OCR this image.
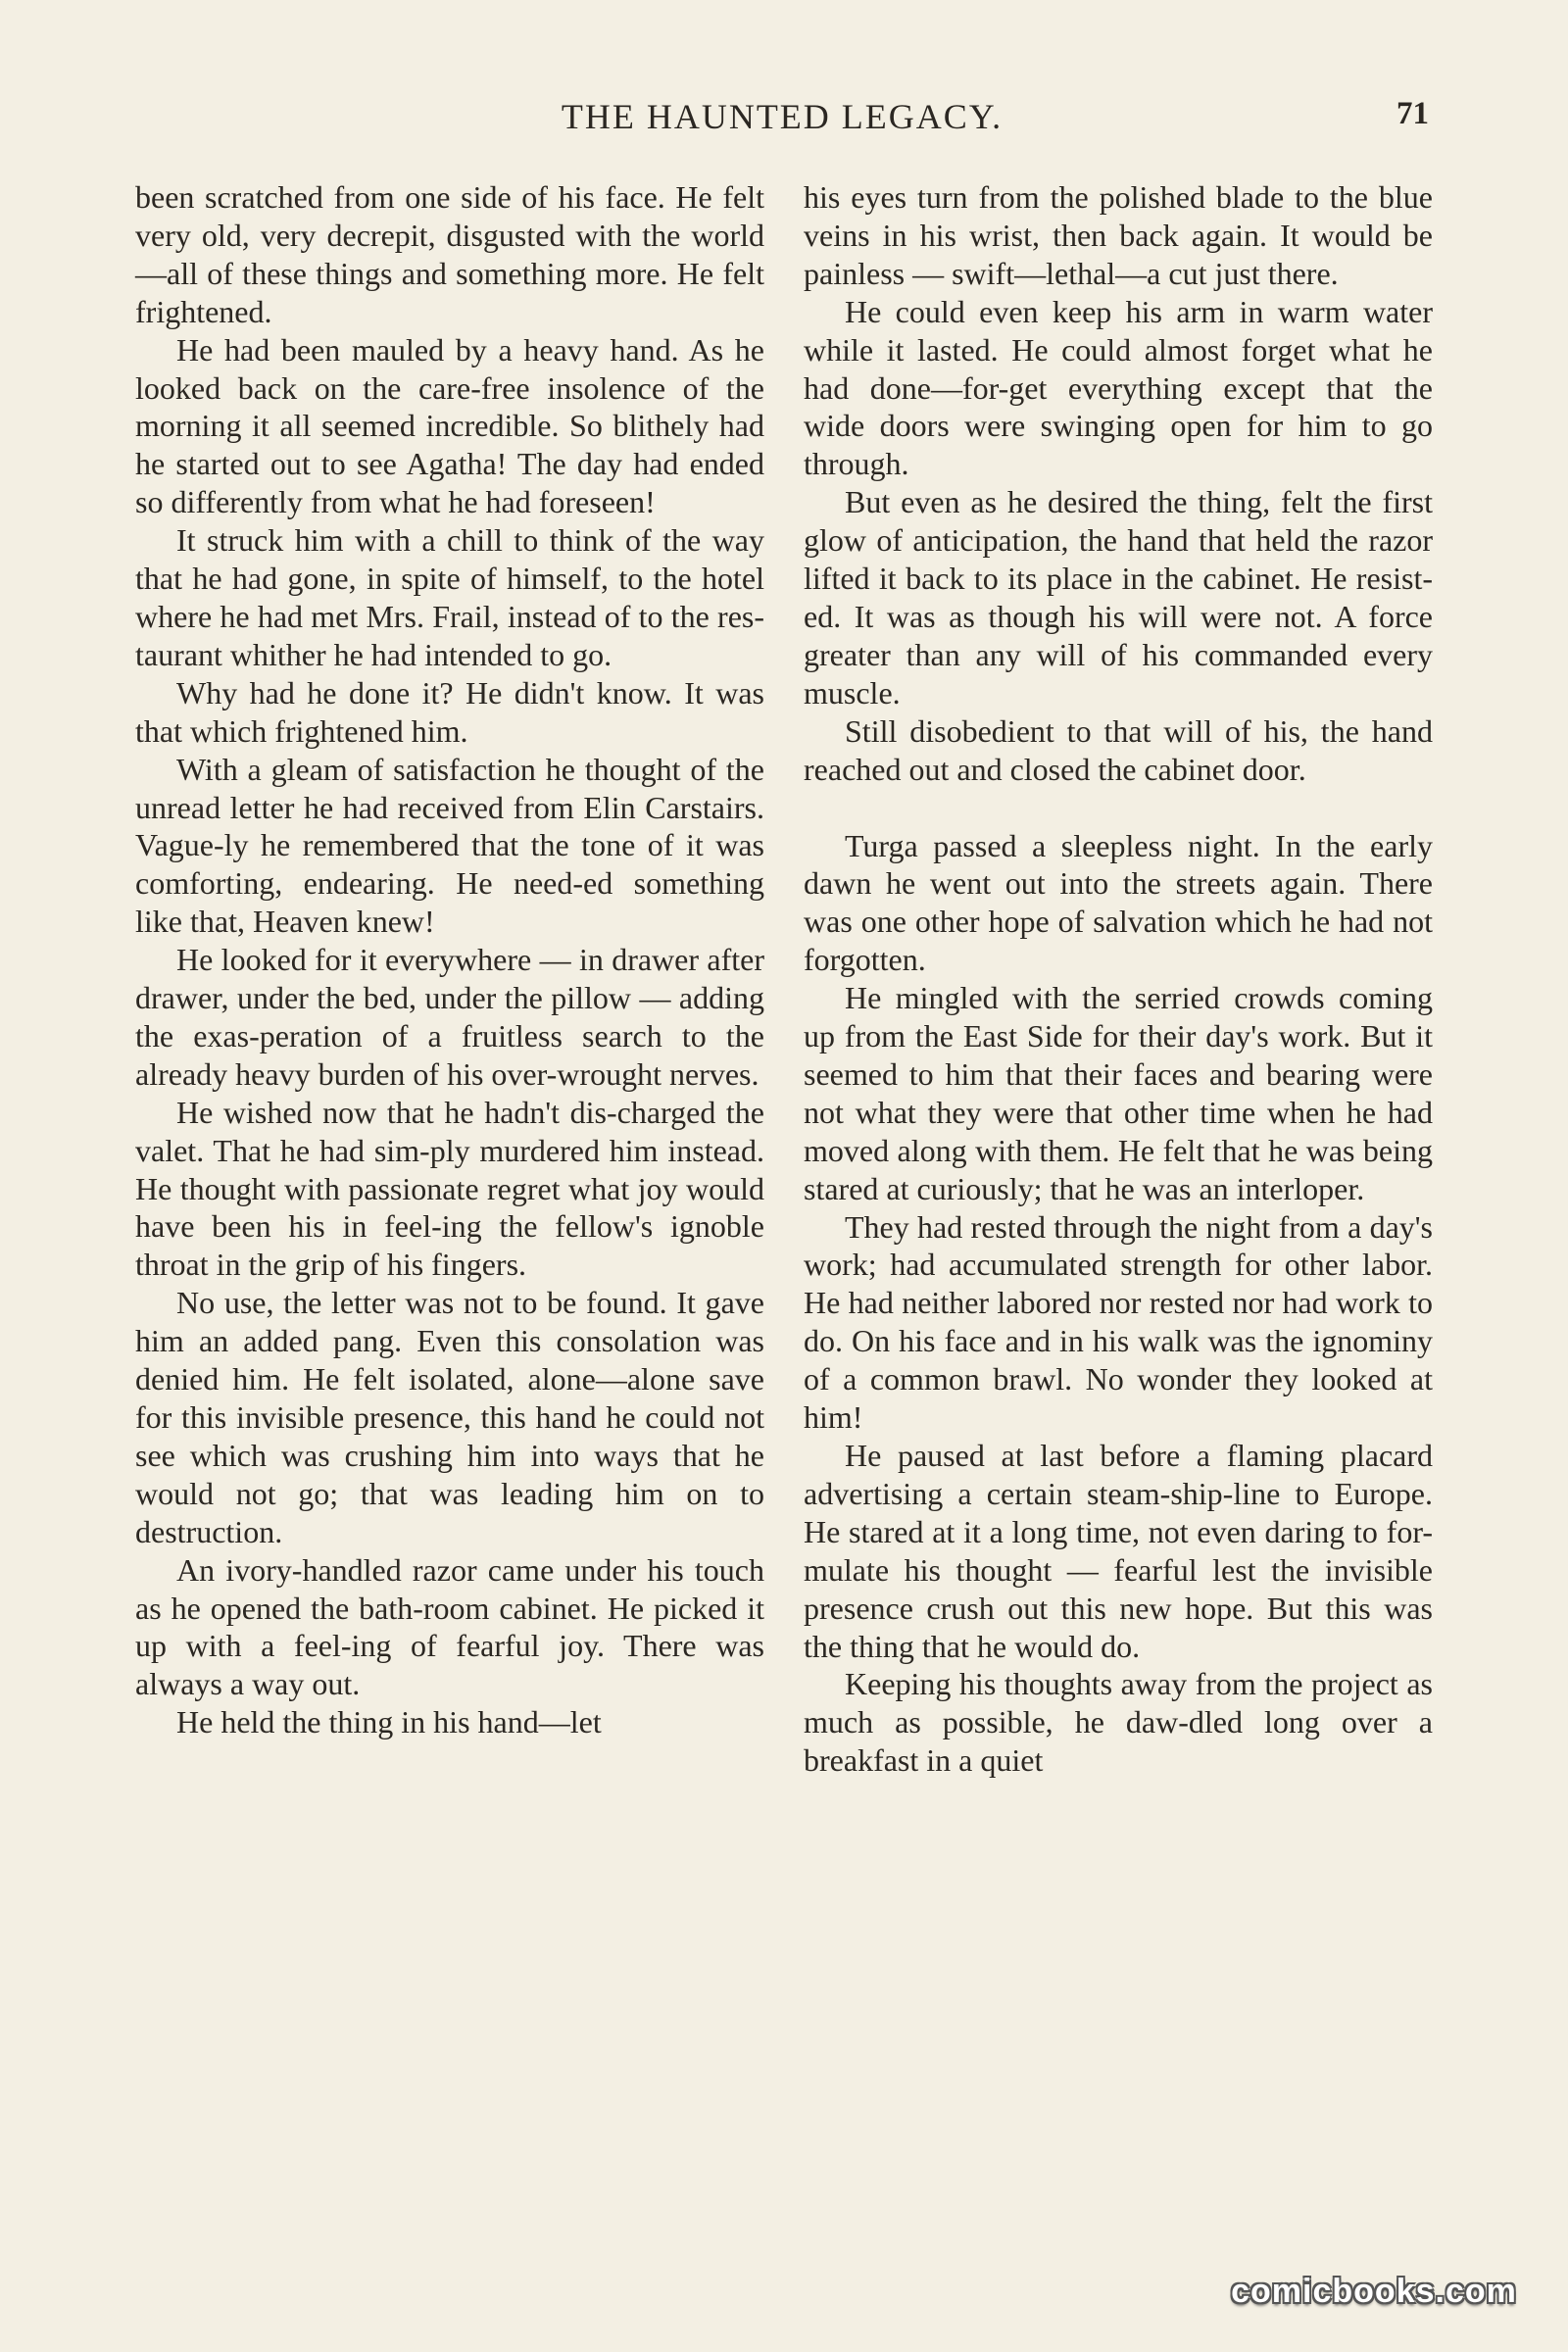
THE HAUNTED LEGACY.	71

been scratched from one side of his face. He felt very old, very decrepit, disgusted with the world—all of these things and something more. He felt frightened.

He had been mauled by a heavy hand. As he looked back on the care-free insolence of the morning it all seemed incredible. So blithely had he started out to see Agatha! The day had ended so differently from what he had foreseen!

It struck him with a chill to think of the way that he had gone, in spite of himself, to the hotel where he had met Mrs. Frail, instead of to the res-taurant whither he had intended to go.

Why had he done it? He didn't know. It was that which frightened him.

With a gleam of satisfaction he thought of the unread letter he had received from Elin Carstairs. Vague-ly he remembered that the tone of it was comforting, endearing. He need-ed something like that, Heaven knew!

He looked for it everywhere — in drawer after drawer, under the bed, under the pillow — adding the exas-peration of a fruitless search to the already heavy burden of his over-wrought nerves.

He wished now that he hadn't dis-charged the valet. That he had sim-ply murdered him instead. He thought with passionate regret what joy would have been his in feel-ing the fellow's ignoble throat in the grip of his fingers.

No use, the letter was not to be found. It gave him an added pang. Even this consolation was denied him. He felt isolated, alone—alone save for this invisible presence, this hand he could not see which was crushing him into ways that he would not go; that was leading him on to destruction.

An ivory-handled razor came under his touch as he opened the bath-room cabinet. He picked it up with a feel-ing of fearful joy. There was always a way out.

He held the thing in his hand—let

his eyes turn from the polished blade to the blue veins in his wrist, then back again. It would be painless — swift—lethal—a cut just there.

He could even keep his arm in warm water while it lasted. He could almost forget what he had done—for-get everything except that the wide doors were swinging open for him to go through.

But even as he desired the thing, felt the first glow of anticipation, the hand that held the razor lifted it back to its place in the cabinet. He resist-ed. It was as though his will were not. A force greater than any will of his commanded every muscle.

Still disobedient to that will of his, the hand reached out and closed the cabinet door.

Turga passed a sleepless night. In the early dawn he went out into the streets again. There was one other hope of salvation which he had not forgotten.

He mingled with the serried crowds coming up from the East Side for their day's work. But it seemed to him that their faces and bearing were not what they were that other time when he had moved along with them. He felt that he was being stared at curiously; that he was an interloper.

They had rested through the night from a day's work; had accumulated strength for other labor. He had neither labored nor rested nor had work to do. On his face and in his walk was the ignominy of a common brawl. No wonder they looked at him!

He paused at last before a flaming placard advertising a certain steam-ship-line to Europe. He stared at it a long time, not even daring to for-mulate his thought — fearful lest the invisible presence crush out this new hope. But this was the thing that he would do.

Keeping his thoughts away from the project as much as possible, he daw-dled long over a breakfast in a quiet

comicbooks.com
